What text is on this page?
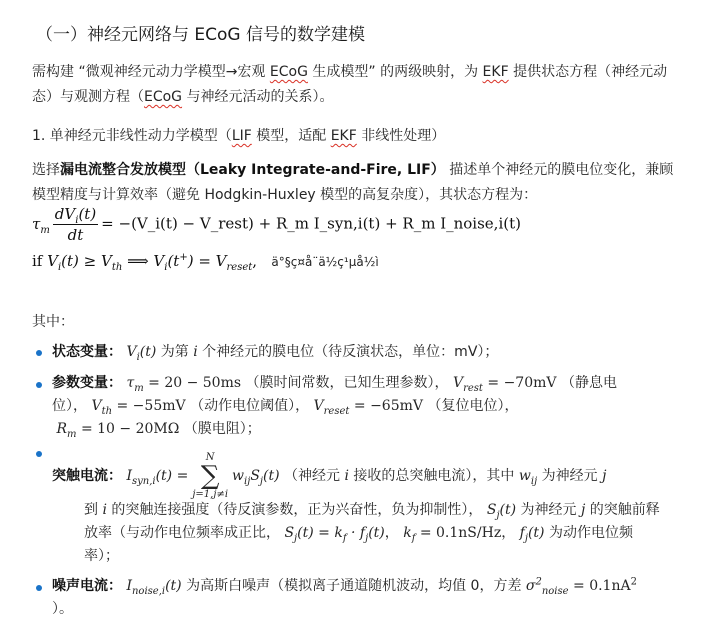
（一）神经元网络与 ECoG 信号的数学建模
需构建 “微观神经元动力学模型→宏观 ECoG 生成模型” 的两级映射，为 EKF 提供状态方程（神经元动态）与观测方程（ECoG 与神经元活动的关系）。
1. 单神经元非线性动力学模型（LIF 模型，适配 EKF 非线性处理）
选择漏电流整合发放模型（Leaky Integrate-and-Fire, LIF） 描述单个神经元的膜电位变化，兼顾模型精度与计算效率（避免 Hodgkin-Huxley 模型的高复杂度），其状态方程为：
$\tau_m \frac{dV_i(t)}{dt}$ = −(V_i(t) − V_rest) + R_m I_syn,i(t) + R_m I_noise,i(t)
if $V_i(t) \ge V_{th}$ ⟹ $V_i(t^+) = V_{reset}$,   ä°§ç¤å¨ä½ç¹µå½ì
其中：
状态变量： $V_i(t)$ 为第 i 个神经元的膜电位（待反演状态，单位：mV）；
参数变量： $\tau_m = 20 - 50ms$ （膜时间常数，已知生理参数）， $V_{rest} = -70mV$ （静息电
位）， $V_{th} = -55mV$ （动作电位阈值）， $V_{reset} = -65mV$ （复位电位），
$R_m = 10 - 20M\Omega$ （膜电阻）；
突触电流： $I_{syn,i}(t)$ =
N
∑
j=1,j≠i
$w_{ij}S_j(t)$ （神经元 i 接收的总突触电流），其中 $w_{ij}$ 为神经元 j
到 i 的突触连接强度（待反演参数，正为兴奋性，负为抑制性）， $S_j(t)$ 为神经元 j 的突触前释
放率（与动作电位频率成正比， $S_j(t) = k_f \cdot f_j(t)$， $k_f = 0.1nS/Hz$， $f_j(t)$ 为动作电位频
率）；
噪声电流： $I_{noise,i}(t)$ 为高斯白噪声（模拟离子通道随机波动，均值 0，方差 $\sigma^2_{noise} = 0.1nA^2$
）。
